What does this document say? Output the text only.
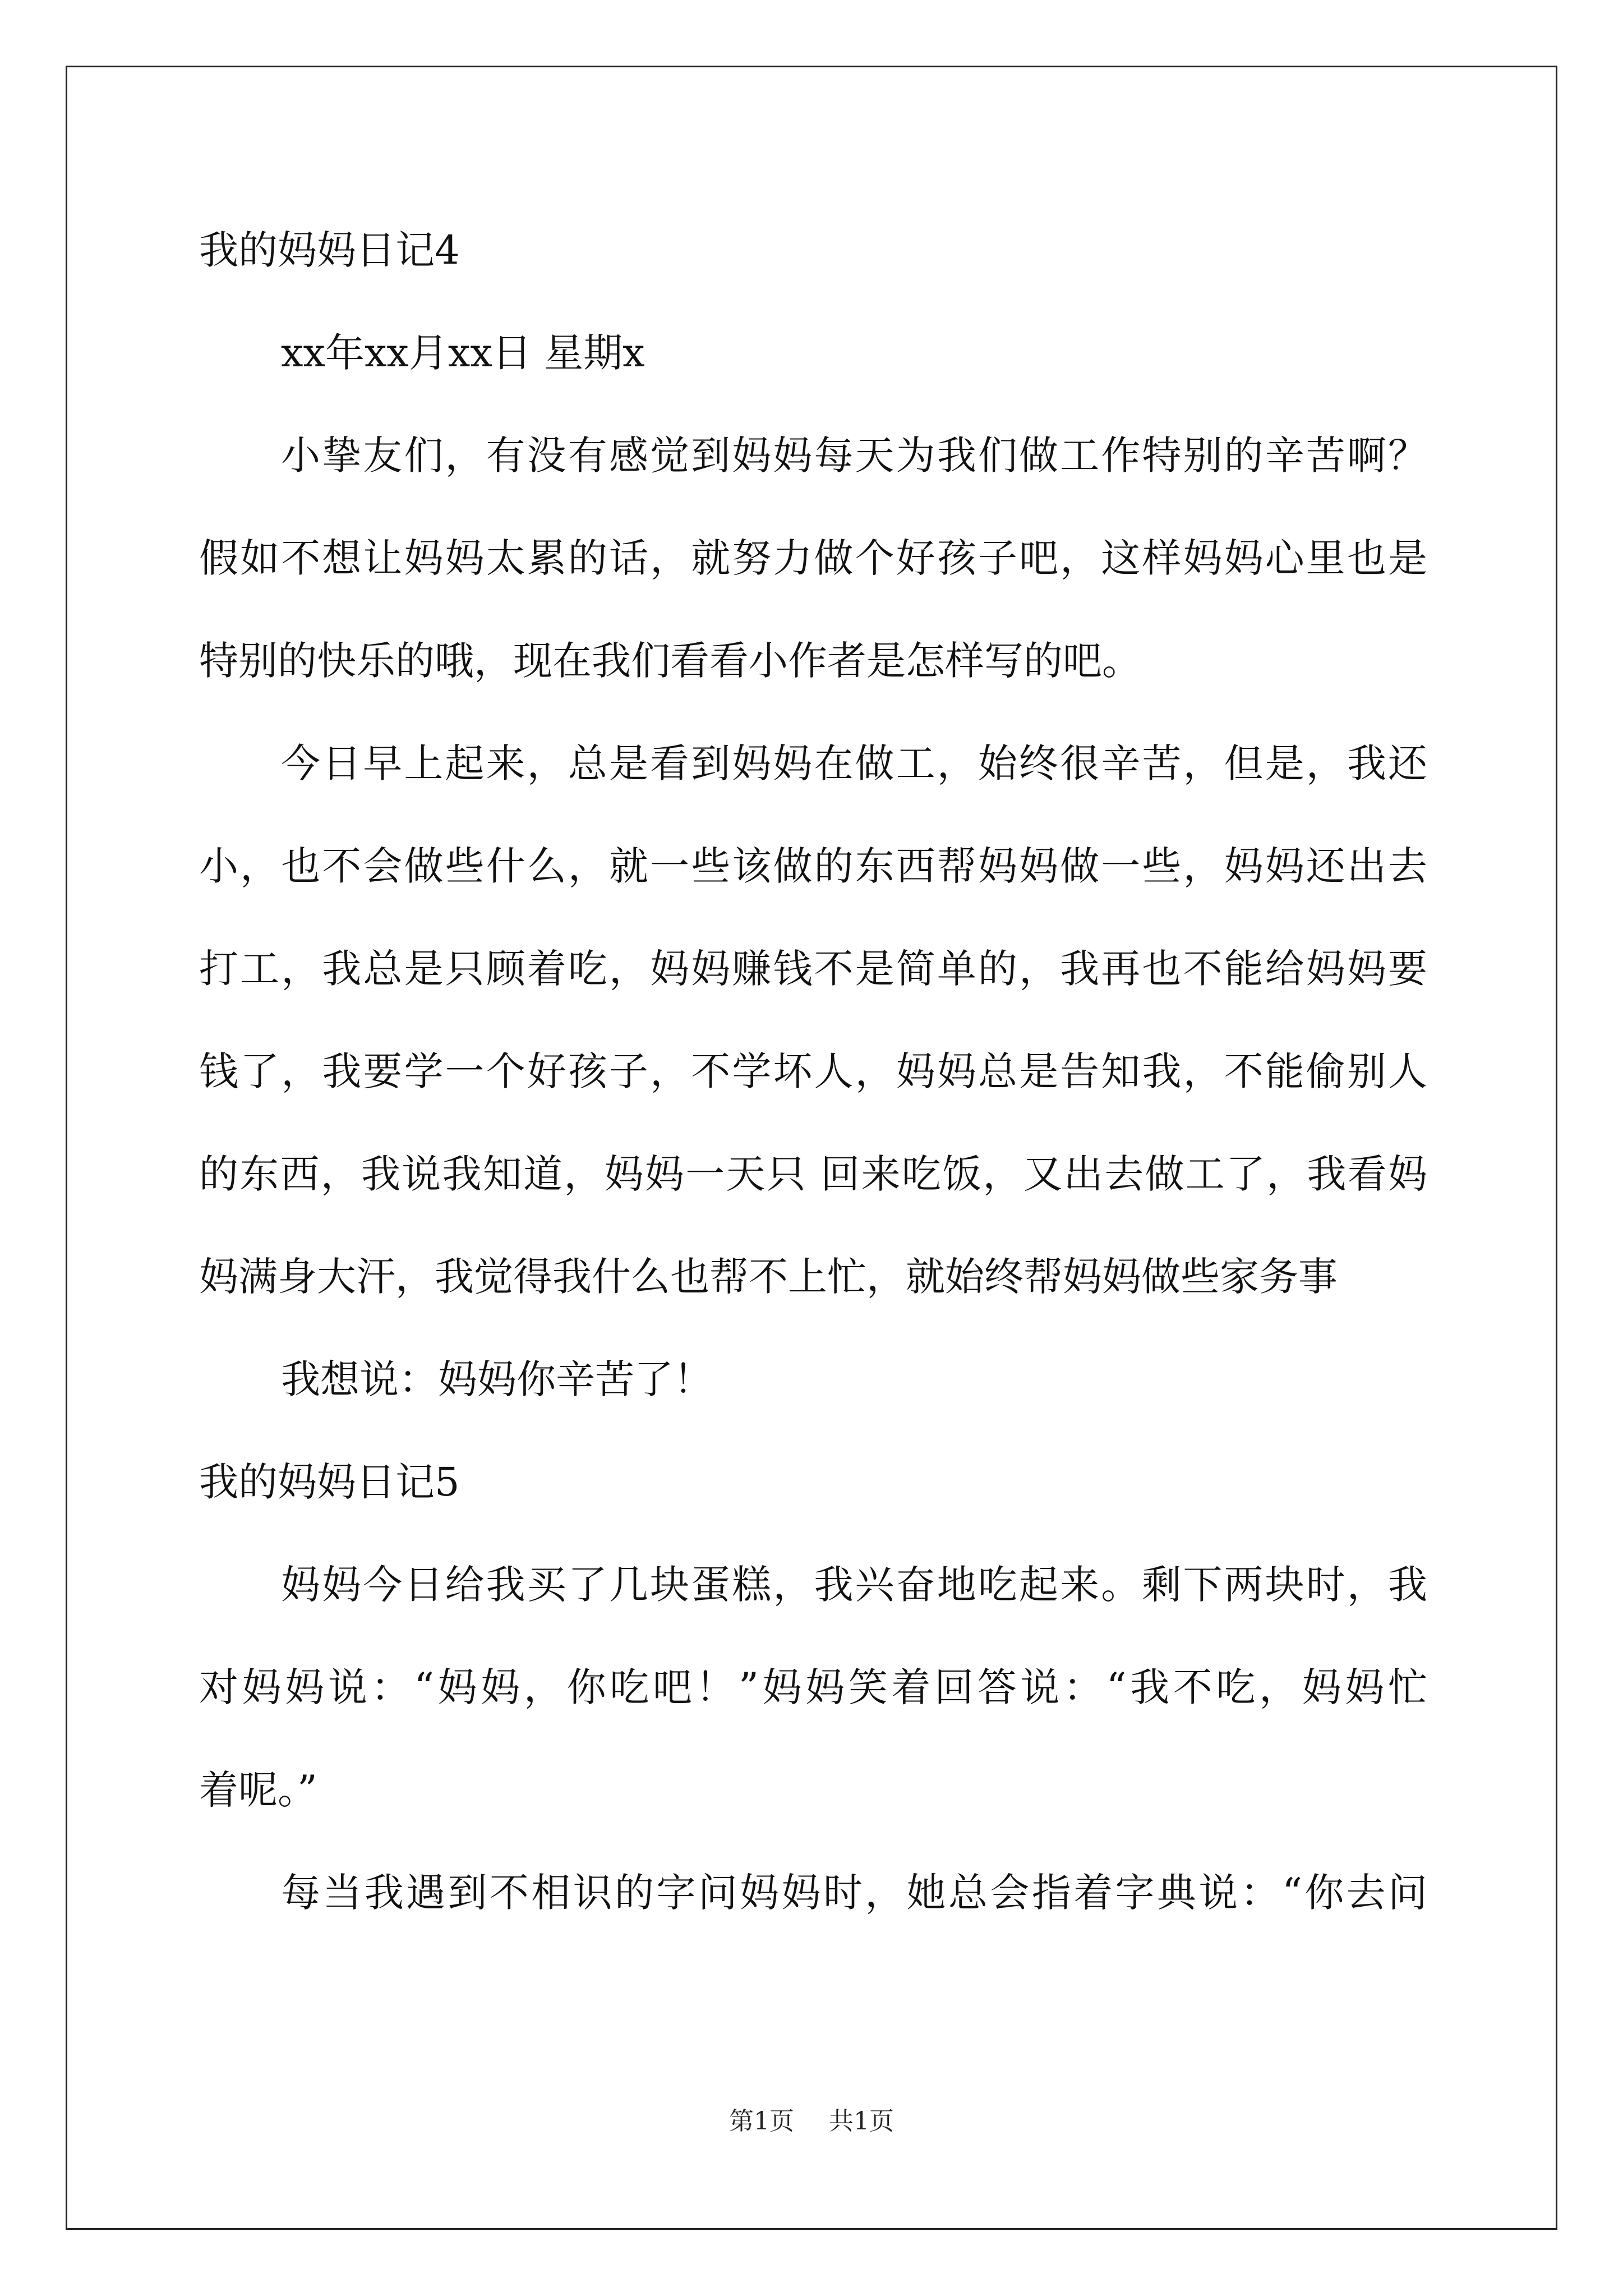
我的妈妈日记4
xx年xx月xx日 星期x
小挚友们，有没有感觉到妈妈每天为我们做工作特别的辛苦啊？
假如不想让妈妈太累的话，就努力做个好孩子吧，这样妈妈心里也是
特别的快乐的哦，现在我们看看小作者是怎样写的吧。
今日早上起来，总是看到妈妈在做工，始终很辛苦，但是，我还
小，也不会做些什么，就一些该做的东西帮妈妈做一些，妈妈还出去
打工，我总是只顾着吃，妈妈赚钱不是简单的，我再也不能给妈妈要
钱了，我要学一个好孩子，不学坏人，妈妈总是告知我，不能偷别人
的东西，我说我知道，妈妈一天只 回来吃饭，又出去做工了，我看妈
妈满身大汗，我觉得我什么也帮不上忙，就始终帮妈妈做些家务事
我想说：妈妈你辛苦了！
我的妈妈日记5
妈妈今日给我买了几块蛋糕，我兴奋地吃起来。剩下两块时，我
对妈妈说：“妈妈，你吃吧！”妈妈笑着回答说：“我不吃，妈妈忙
着呢。”
每当我遇到不相识的字问妈妈时，她总会指着字典说：“你去问
第1页 共1页
